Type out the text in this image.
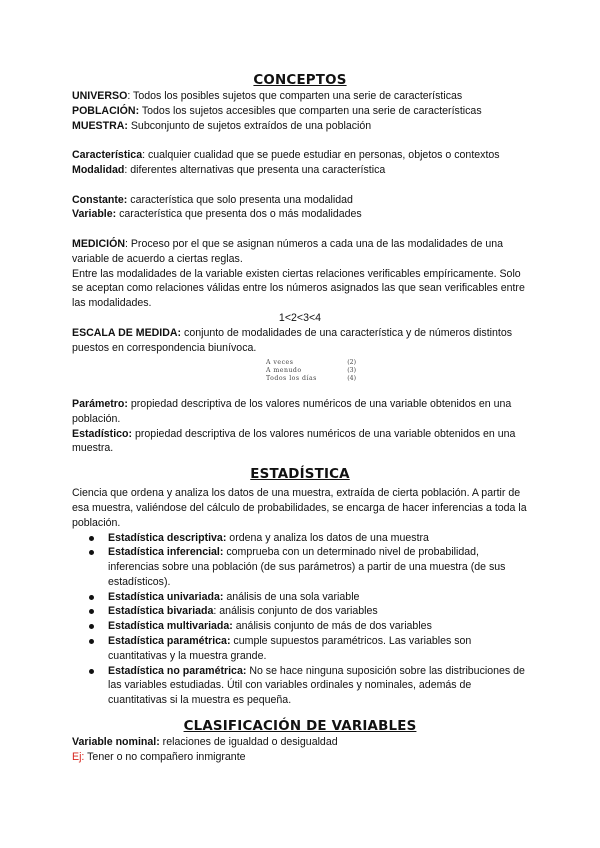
CONCEPTOS

UNIVERSO: Todos los posibles sujetos que comparten una serie de características

POBLACIÓN: Todos los sujetos accesibles que comparten una serie de características

MUESTRA: Subconjunto de sujetos extraídos de una población

Característica: cualquier cualidad que se puede estudiar en personas, objetos o contextos

Modalidad: diferentes alternativas que presenta una característica

Constante: característica que solo presenta una modalidad

Variable: característica que presenta dos o más modalidades

MEDICIÓN: Proceso por el que se asignan números a cada una de las modalidades de una variable de acuerdo a ciertas reglas.

Entre las modalidades de la variable existen ciertas relaciones verificables empíricamente. Solo se aceptan como relaciones válidas entre los números asignados las que sean verificables entre las modalidades.

1<2<3<4

ESCALA DE MEDIDA: conjunto de modalidades de una característica y de números distintos puestos en correspondencia biunívoca.

A veces	(2)
A menudo	(3)
Todos los días	(4)

Parámetro: propiedad descriptiva de los valores numéricos de una variable obtenidos en una población.

Estadístico: propiedad descriptiva de los valores numéricos de una variable obtenidos en una muestra.

ESTADÍSTICA

Ciencia que ordena y analiza los datos de una muestra, extraída de cierta población. A partir de esa muestra, valiéndose del cálculo de probabilidades, se encarga de hacer inferencias a toda la población.

Estadística descriptiva: ordena y analiza los datos de una muestra
Estadística inferencial: comprueba con un determinado nivel de probabilidad, inferencias sobre una población (de sus parámetros) a partir de una muestra (de sus estadísticos).
Estadística univariada: análisis de una sola variable
Estadística bivariada: análisis conjunto de dos variables
Estadística multivariada: análisis conjunto de más de dos variables
Estadística paramétrica: cumple supuestos paramétricos. Las variables son cuantitativas y la muestra grande.
Estadística no paramétrica: No se hace ninguna suposición sobre las distribuciones de las variables estudiadas. Útil con variables ordinales y nominales, además de cuantitativas si la muestra es pequeña.
CLASIFICACIÓN DE VARIABLES

Variable nominal: relaciones de igualdad o desigualdad

Ej: Tener o no compañero inmigrante
